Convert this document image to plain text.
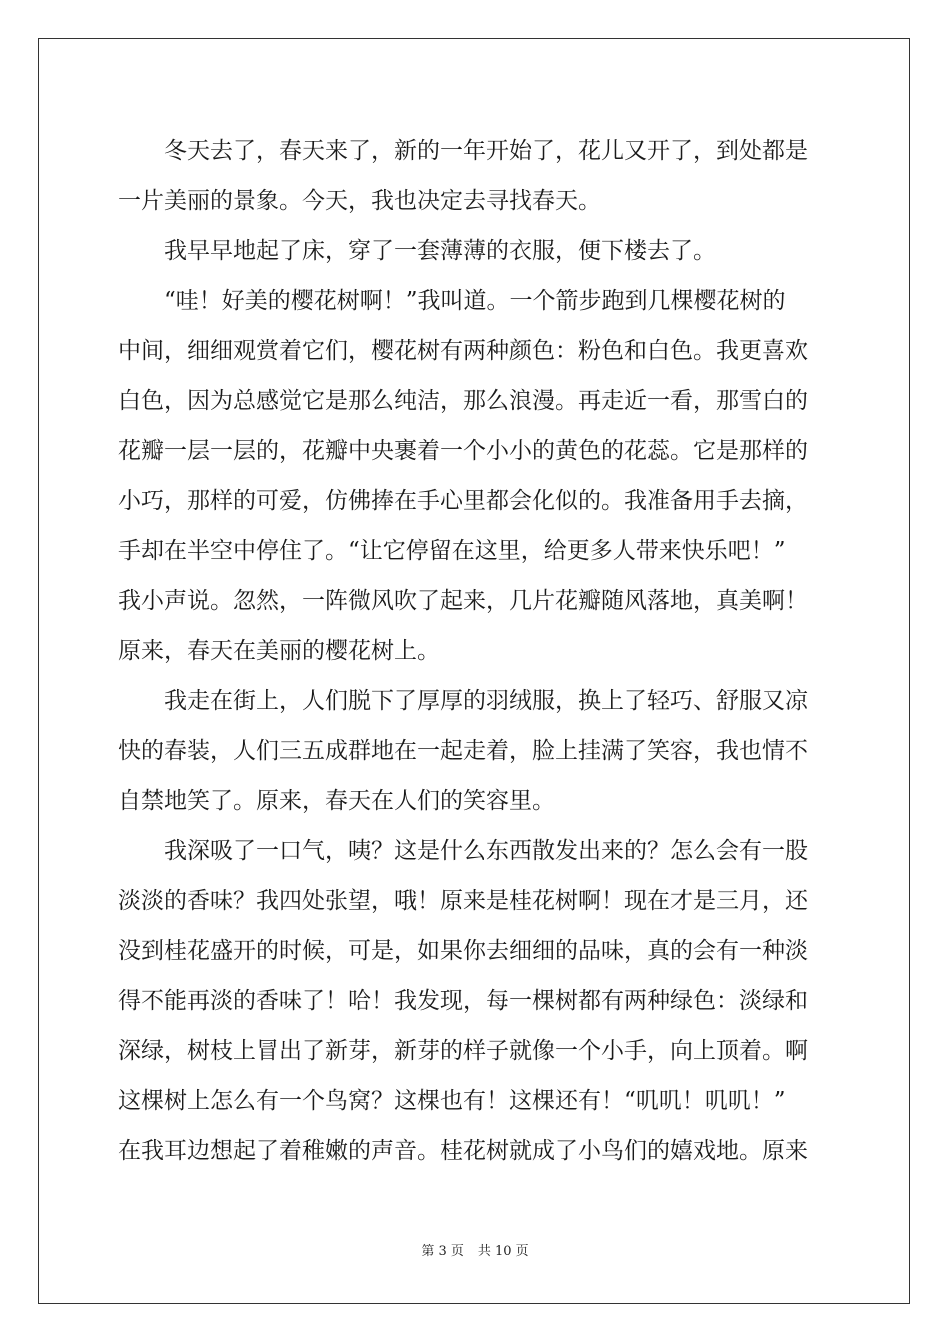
冬天去了，春天来了，新的一年开始了，花儿又开了，到处都是
一片美丽的景象。今天，我也决定去寻找春天。
我早早地起了床，穿了一套薄薄的衣服，便下楼去了。
“哇！好美的樱花树啊！”我叫道。一个箭步跑到几棵樱花树的
中间，细细观赏着它们，樱花树有两种颜色：粉色和白色。我更喜欢
白色，因为总感觉它是那么纯洁，那么浪漫。再走近一看，那雪白的
花瓣一层一层的，花瓣中央裹着一个小小的黄色的花蕊。它是那样的
小巧，那样的可爱，仿佛捧在手心里都会化似的。我准备用手去摘，
手却在半空中停住了。“让它停留在这里，给更多人带来快乐吧！”
我小声说。忽然，一阵微风吹了起来，几片花瓣随风落地，真美啊！
原来，春天在美丽的樱花树上。
我走在街上，人们脱下了厚厚的羽绒服，换上了轻巧、舒服又凉
快的春装，人们三五成群地在一起走着，脸上挂满了笑容，我也情不
自禁地笑了。原来，春天在人们的笑容里。
我深吸了一口气，咦？这是什么东西散发出来的？怎么会有一股
淡淡的香味？我四处张望，哦！原来是桂花树啊！现在才是三月，还
没到桂花盛开的时候，可是，如果你去细细的品味，真的会有一种淡
得不能再淡的香味了！哈！我发现，每一棵树都有两种绿色：淡绿和
深绿，树枝上冒出了新芽，新芽的样子就像一个小手，向上顶着。啊
这棵树上怎么有一个鸟窝？这棵也有！这棵还有！“叽叽！叽叽！”
在我耳边想起了着稚嫩的声音。桂花树就成了小鸟们的嬉戏地。原来
第 3 页 共 10 页
